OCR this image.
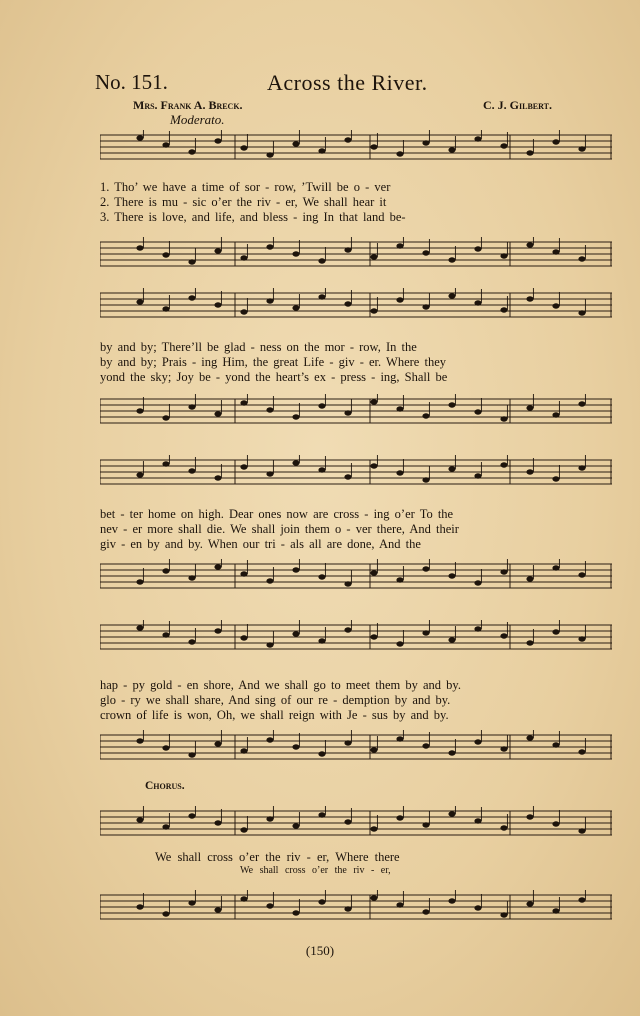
No. 151.	Across the River.
Mrs. Frank A. Breck.	C. J. Gilbert.
Moderato.
1. Tho’ we have a time of sor - row, ’Twill be o - ver
2. There is mu - sic o’er the riv - er, We shall hear it
3. There is love, and life, and bless - ing In that land be-
by and by; There’ll be glad - ness on the mor - row, In the
by and by; Prais - ing Him, the great Life - giv - er. Where they
yond the sky; Joy be - yond the heart’s ex - press - ing, Shall be
bet - ter home on high. Dear ones now are cross - ing o’er To the
nev - er more shall die. We shall join them o - ver there, And their
giv - en by and by. When our tri - als all are done, And the
hap - py gold - en shore, And we shall go to meet them by and by.
glo - ry we shall share, And sing of our re - demption by and by.
crown of life is won, Oh, we shall reign with Je - sus by and by.
Chorus.
We shall cross o’er the riv - er, Where there
We shall cross o’er the riv - er,
(150)
